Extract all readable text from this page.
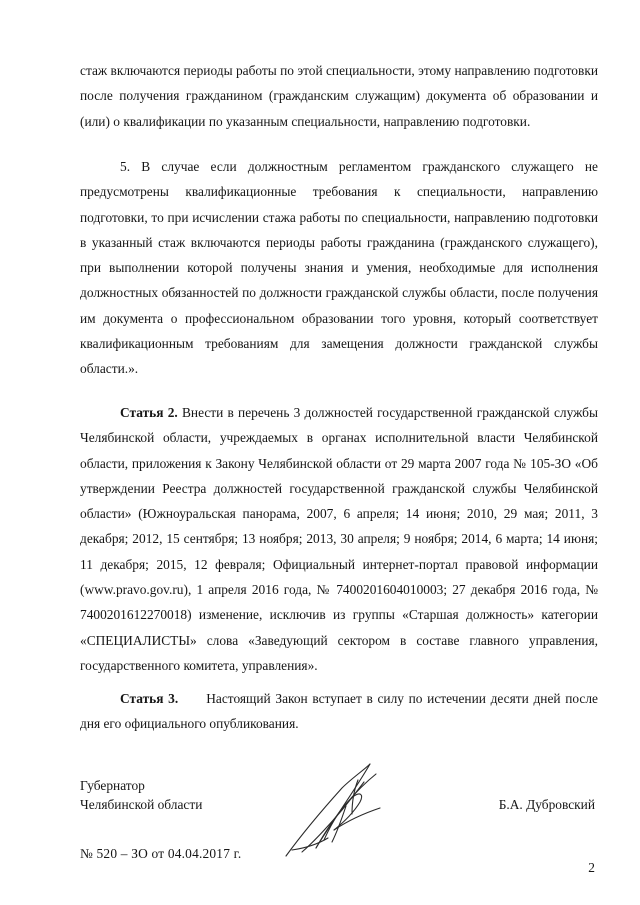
стаж включаются периоды работы по этой специальности, этому направлению подготовки после получения гражданином (гражданским служащим) документа об образовании и (или) о квалификации по указанным специальности, направлению подготовки.

5. В случае если должностным регламентом гражданского служащего не предусмотрены квалификационные требования к специальности, направлению подготовки, то при исчислении стажа работы по специальности, направлению подготовки в указанный стаж включаются периоды работы гражданина (гражданского служащего), при выполнении которой получены знания и умения, необходимые для исполнения должностных обязанностей по должности гражданской службы области, после получения им документа о профессиональном образовании того уровня, который соответствует квалификационным требованиям для замещения должности гражданской службы области.».

Статья 2. Внести в перечень 3 должностей государственной гражданской службы Челябинской области, учреждаемых в органах исполнительной власти Челябинской области, приложения к Закону Челябинской области от 29 марта 2007 года № 105-ЗО «Об утверждении Реестра должностей государственной гражданской службы Челябинской области» (Южноуральская панорама, 2007, 6 апреля; 14 июня; 2010, 29 мая; 2011, 3 декабря; 2012, 15 сентября; 13 ноября; 2013, 30 апреля; 9 ноября; 2014, 6 марта; 14 июня; 11 декабря; 2015, 12 февраля; Официальный интернет-портал правовой информации (www.pravo.gov.ru), 1 апреля 2016 года, № 7400201604010003; 27 декабря 2016 года, № 7400201612270018) изменение, исключив из группы «Старшая должность» категории «СПЕЦИАЛИСТЫ» слова «Заведующий сектором в составе главного управления, государственного комитета, управления».

Статья 3. Настоящий Закон вступает в силу по истечении десяти дней после дня его официального опубликования.

Губернатор
Челябинской области	Б.А. Дубровский
№ 520 – ЗО от 04.04.2017 г.
2
